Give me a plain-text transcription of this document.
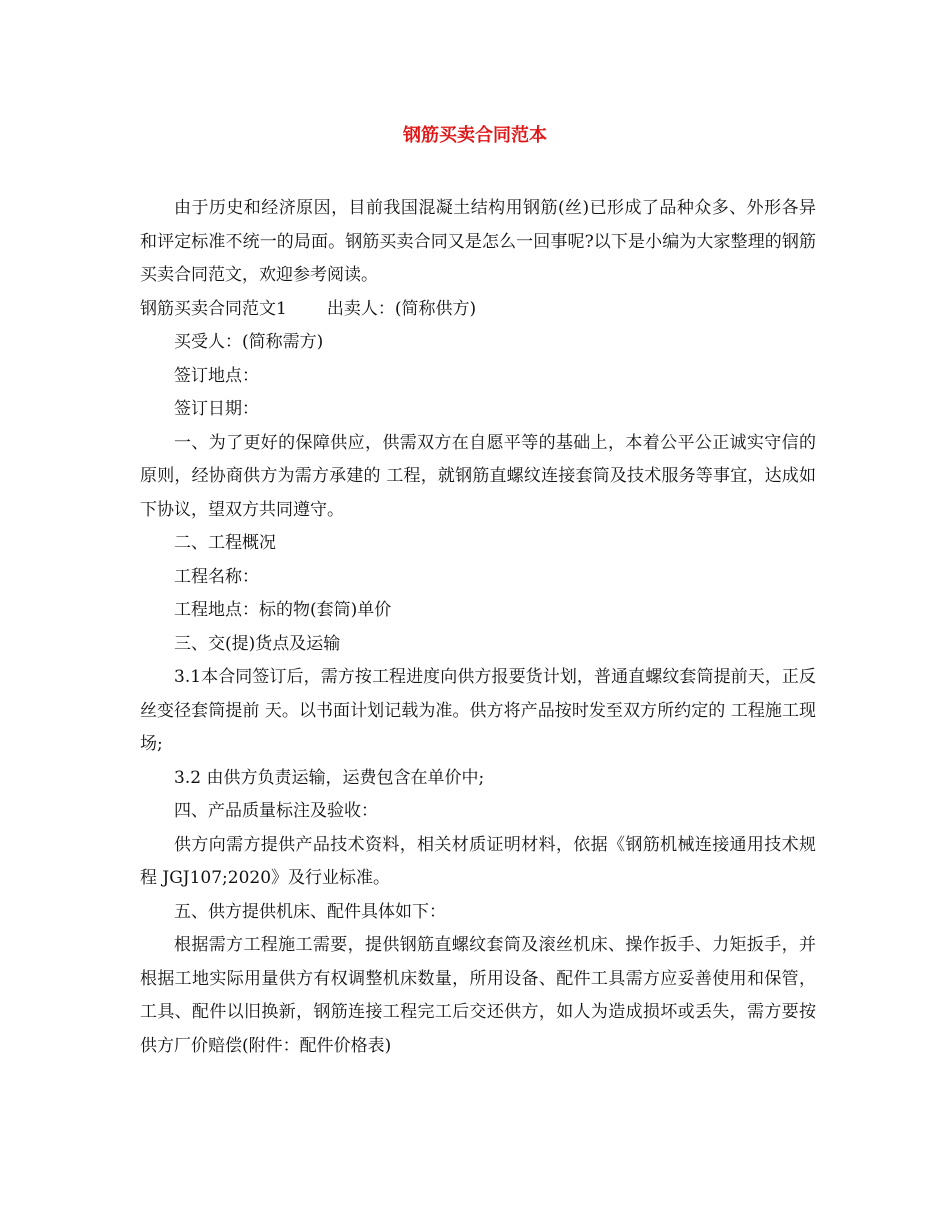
钢筋买卖合同范本

由于历史和经济原因，目前我国混凝土结构用钢筋(丝)已形成了品种众多、外形各异和评定标准不统一的局面。钢筋买卖合同又是怎么一回事呢?以下是小编为大家整理的钢筋买卖合同范文，欢迎参考阅读。

钢筋买卖合同范文1 出卖人：(简称供方)

买受人：(简称需方)

签订地点：

签订日期：

一、为了更好的保障供应，供需双方在自愿平等的基础上，本着公平公正诚实守信的原则，经协商供方为需方承建的 工程，就钢筋直螺纹连接套筒及技术服务等事宜，达成如下协议，望双方共同遵守。

二、工程概况

工程名称：

工程地点：标的物(套筒)单价

三、交(提)货点及运输

3.1本合同签订后，需方按工程进度向供方报要货计划，普通直螺纹套筒提前天，正反丝变径套筒提前 天。以书面计划记载为准。供方将产品按时发至双方所约定的 工程施工现场;

3.2 由供方负责运输，运费包含在单价中;

四、产品质量标注及验收：

供方向需方提供产品技术资料，相关材质证明材料，依据《钢筋机械连接通用技术规程 JGJ107;2020》及行业标准。

五、供方提供机床、配件具体如下：

根据需方工程施工需要，提供钢筋直螺纹套筒及滚丝机床、操作扳手、力矩扳手，并根据工地实际用量供方有权调整机床数量，所用设备、配件工具需方应妥善使用和保管，工具、配件以旧换新，钢筋连接工程完工后交还供方，如人为造成损坏或丢失，需方要按供方厂价赔偿(附件：配件价格表)
